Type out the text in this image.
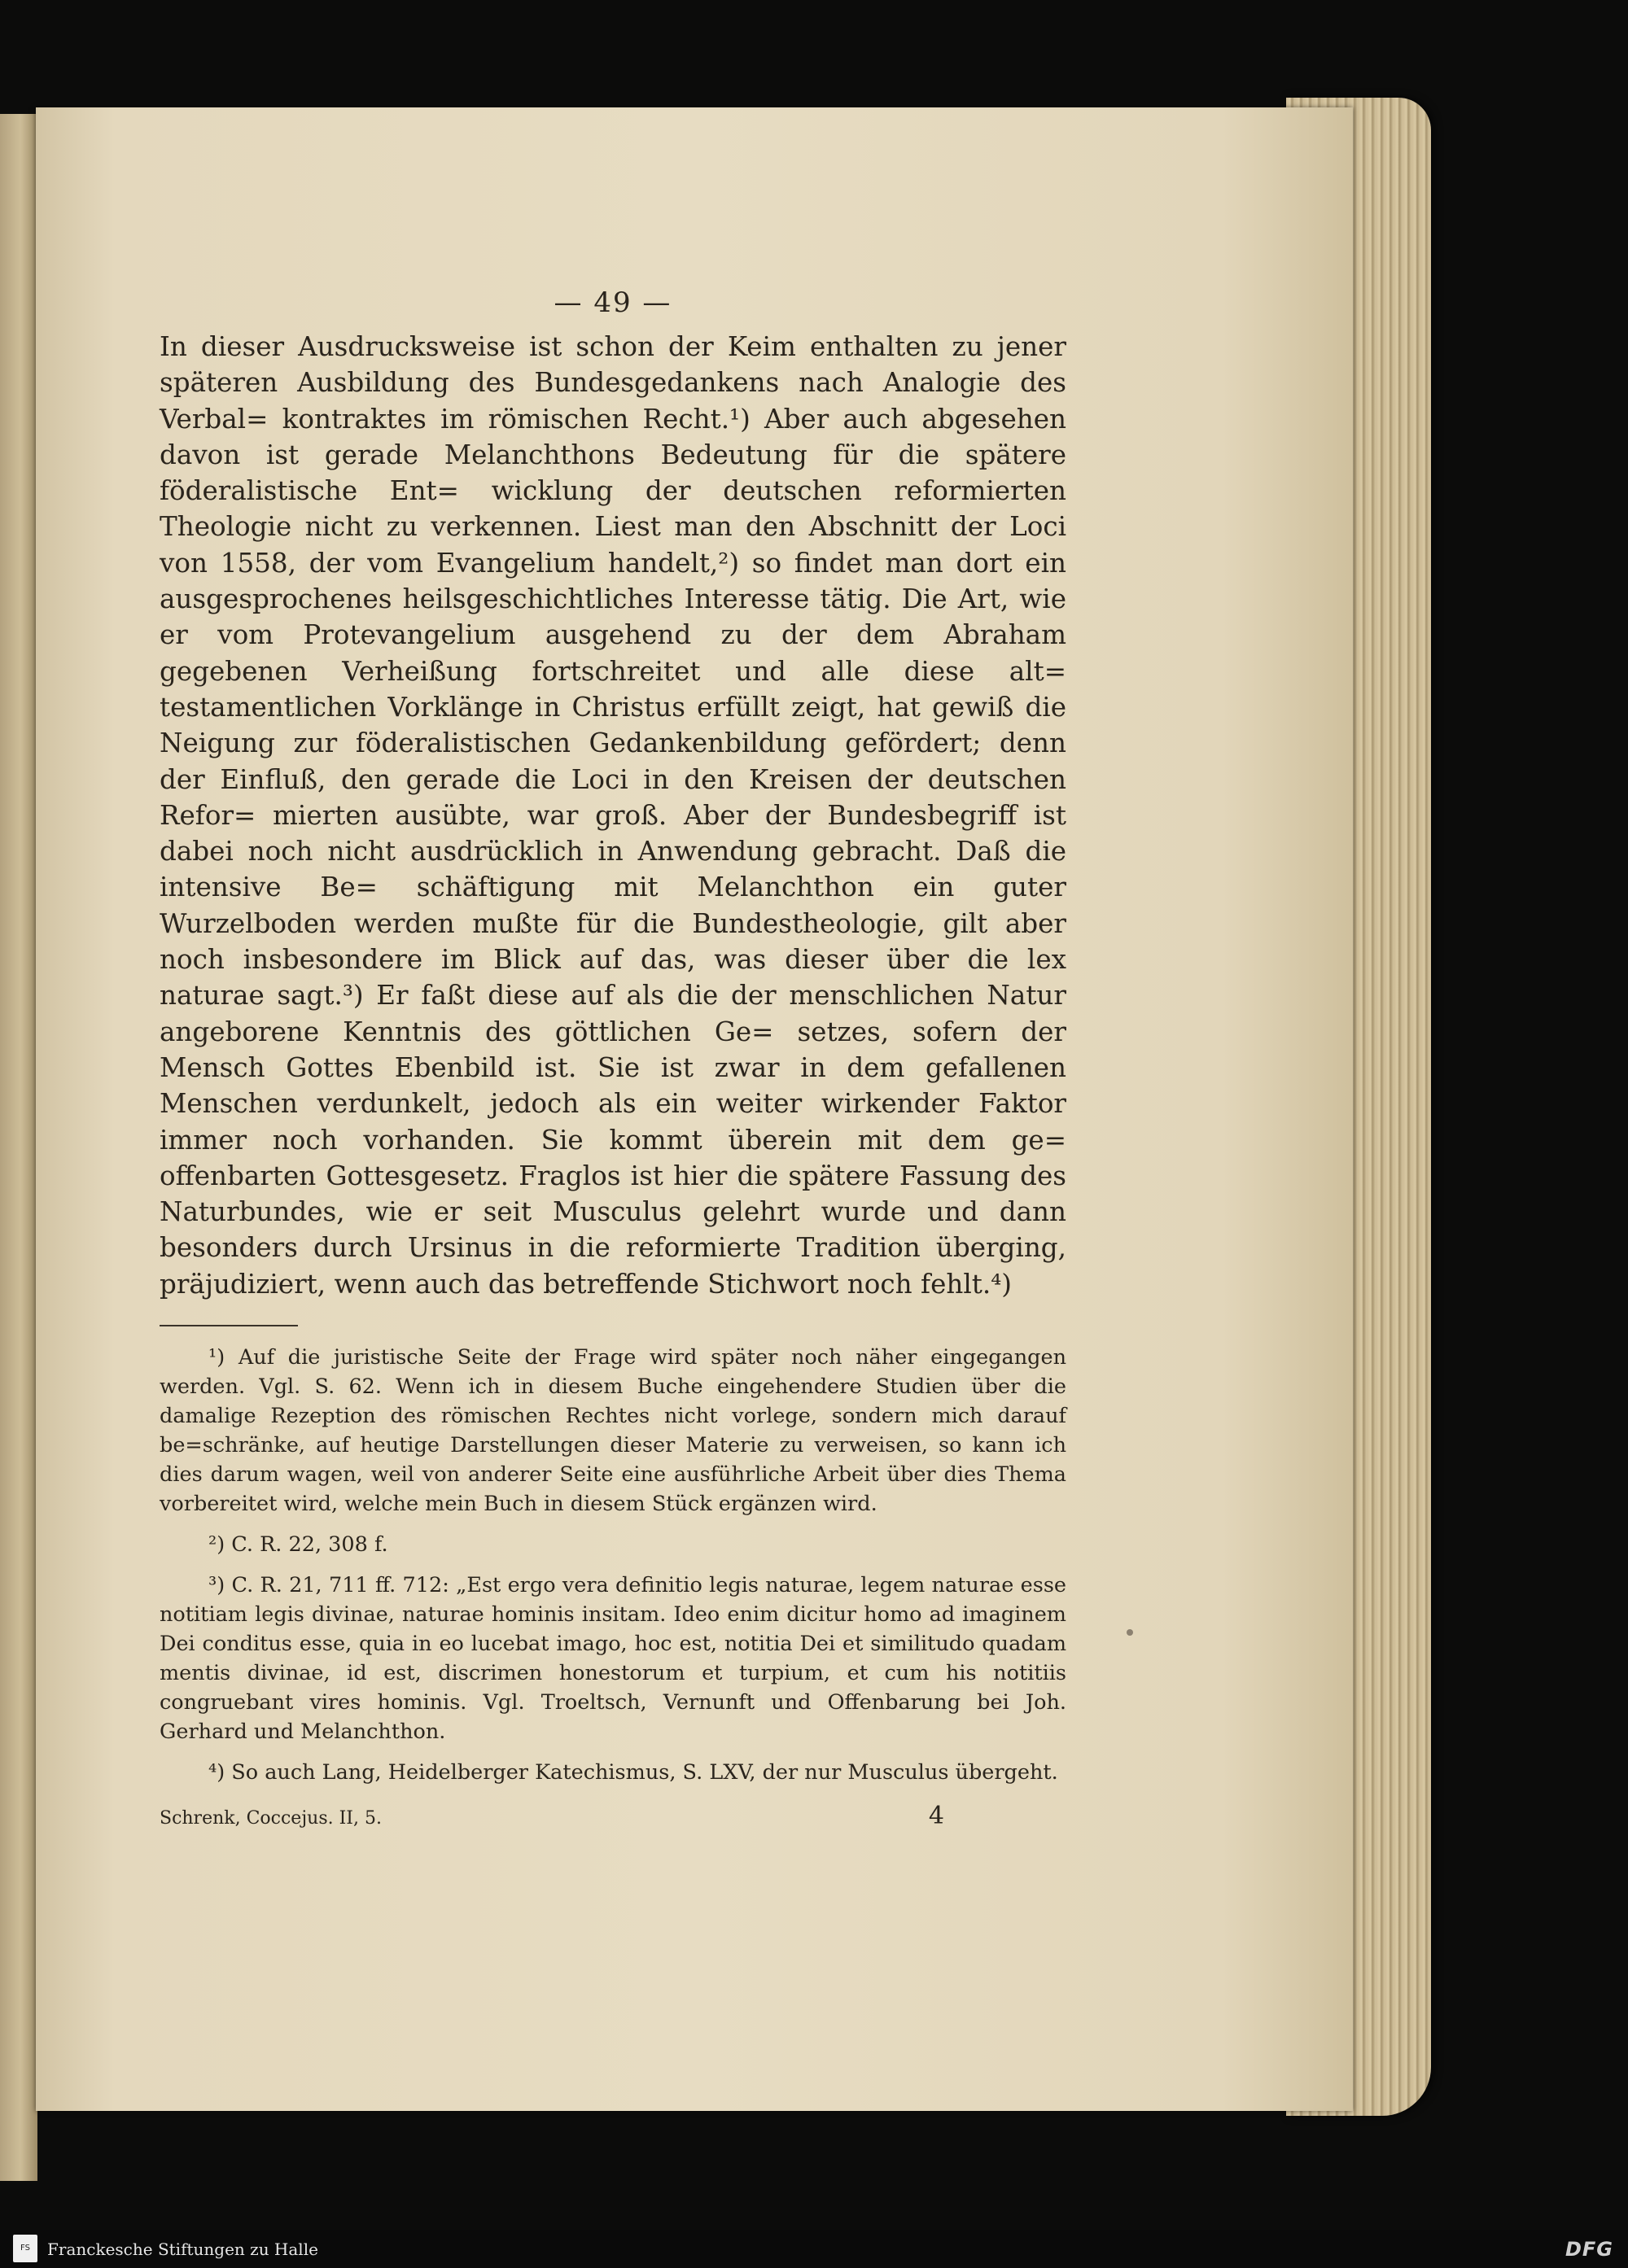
— 49 —

In dieser Ausdrucksweise ist schon der Keim enthalten zu jener späteren Ausbildung des Bundesgedankens nach Analogie des Verbal= kontraktes im römischen Recht.¹) Aber auch abgesehen davon ist gerade Melanchthons Bedeutung für die spätere föderalistische Ent= wicklung der deutschen reformierten Theologie nicht zu verkennen. Liest man den Abschnitt der Loci von 1558, der vom Evangelium handelt,²) so findet man dort ein ausgesprochenes heilsgeschichtliches Interesse tätig. Die Art, wie er vom Protevangelium ausgehend zu der dem Abraham gegebenen Verheißung fortschreitet und alle diese alt= testamentlichen Vorklänge in Christus erfüllt zeigt, hat gewiß die Neigung zur föderalistischen Gedankenbildung gefördert; denn der Einfluß, den gerade die Loci in den Kreisen der deutschen Refor= mierten ausübte, war groß. Aber der Bundesbegriff ist dabei noch nicht ausdrücklich in Anwendung gebracht. Daß die intensive Be= schäftigung mit Melanchthon ein guter Wurzelboden werden mußte für die Bundestheologie, gilt aber noch insbesondere im Blick auf das, was dieser über die lex naturae sagt.³) Er faßt diese auf als die der menschlichen Natur angeborene Kenntnis des göttlichen Ge= setzes, sofern der Mensch Gottes Ebenbild ist. Sie ist zwar in dem gefallenen Menschen verdunkelt, jedoch als ein weiter wirkender Faktor immer noch vorhanden. Sie kommt überein mit dem ge= offenbarten Gottesgesetz. Fraglos ist hier die spätere Fassung des Naturbundes, wie er seit Musculus gelehrt wurde und dann besonders durch Ursinus in die reformierte Tradition überging, präjudiziert, wenn auch das betreffende Stichwort noch fehlt.⁴)

¹) Auf die juristische Seite der Frage wird später noch näher eingegangen werden. Vgl. S. 62. Wenn ich in diesem Buche eingehendere Studien über die damalige Rezeption des römischen Rechtes nicht vorlege, sondern mich darauf be=schränke, auf heutige Darstellungen dieser Materie zu verweisen, so kann ich dies darum wagen, weil von anderer Seite eine ausführliche Arbeit über dies Thema vorbereitet wird, welche mein Buch in diesem Stück ergänzen wird.

²) C. R. 22, 308 f.

³) C. R. 21, 711 ff. 712: „Est ergo vera definitio legis naturae, legem naturae esse notitiam legis divinae, naturae hominis insitam. Ideo enim dicitur homo ad imaginem Dei conditus esse, quia in eo lucebat imago, hoc est, notitia Dei et similitudo quadam mentis divinae, id est, discrimen honestorum et turpium, et cum his notitiis congruebant vires hominis. Vgl. Troeltsch, Vernunft und Offenbarung bei Joh. Gerhard und Melanchthon.

⁴) So auch Lang, Heidelberger Katechismus, S. LXV, der nur Musculus übergeht.

Schrenk, Coccejus. II, 5.	4
FS	Franckesche Stiftungen zu Halle	DFG
